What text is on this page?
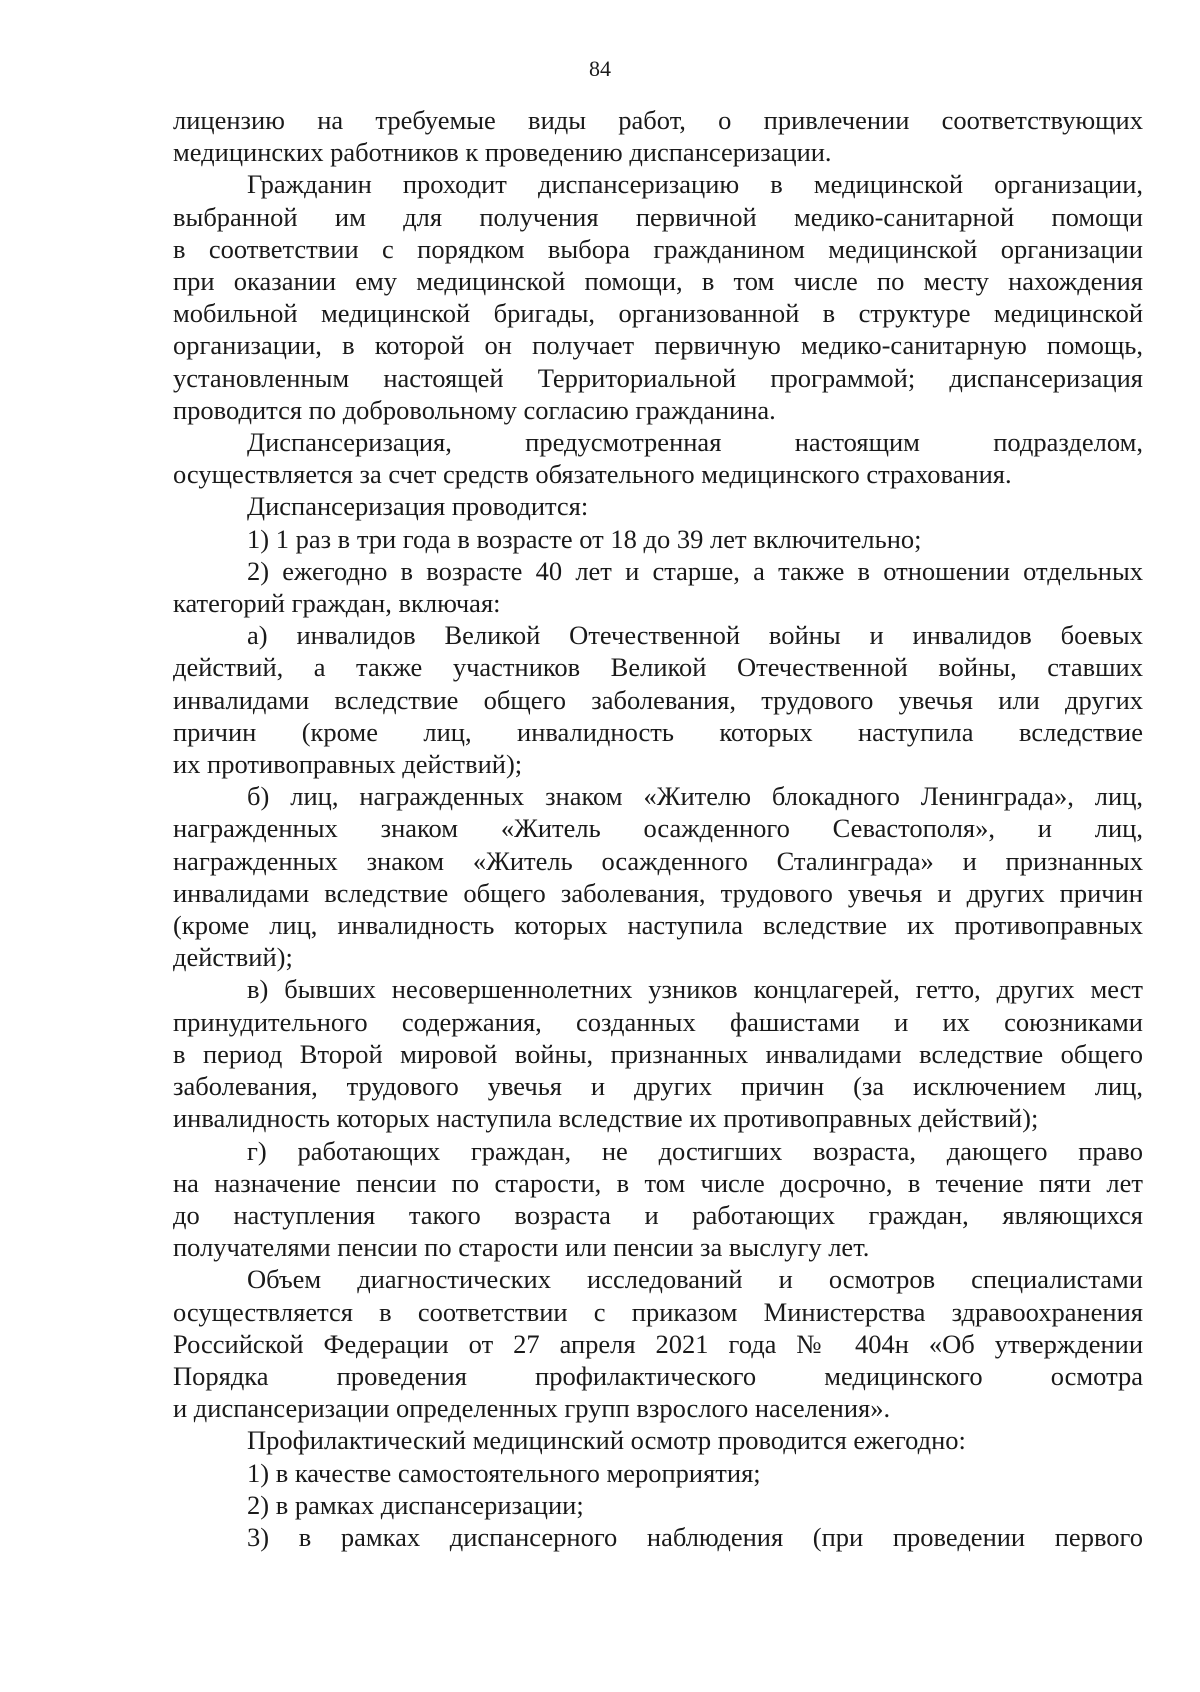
84
лицензию на требуемые виды работ, о привлечении соответствующих
медицинских работников к проведению диспансеризации.
Гражданин проходит диспансеризацию в медицинской организации,
выбранной им для получения первичной медико-санитарной помощи
в соответствии с порядком выбора гражданином медицинской организации
при оказании ему медицинской помощи, в том числе по месту нахождения
мобильной медицинской бригады, организованной в структуре медицинской
организации, в которой он получает первичную медико-санитарную помощь,
установленным настоящей Территориальной программой; диспансеризация
проводится по добровольному согласию гражданина.
Диспансеризация, предусмотренная настоящим подразделом,
осуществляется за счет средств обязательного медицинского страхования.
Диспансеризация проводится:
1) 1 раз в три года в возрасте от 18 до 39 лет включительно;
2) ежегодно в возрасте 40 лет и старше, а также в отношении отдельных
категорий граждан, включая:
а) инвалидов Великой Отечественной войны и инвалидов боевых
действий, а также участников Великой Отечественной войны, ставших
инвалидами вследствие общего заболевания, трудового увечья или других
причин (кроме лиц, инвалидность которых наступила вследствие
их противоправных действий);
б) лиц, награжденных знаком «Жителю блокадного Ленинграда», лиц,
награжденных знаком «Житель осажденного Севастополя», и лиц,
награжденных знаком «Житель осажденного Сталинграда» и признанных
инвалидами вследствие общего заболевания, трудового увечья и других причин
(кроме лиц, инвалидность которых наступила вследствие их противоправных
действий);
в) бывших несовершеннолетних узников концлагерей, гетто, других мест
принудительного содержания, созданных фашистами и их союзниками
в период Второй мировой войны, признанных инвалидами вследствие общего
заболевания, трудового увечья и других причин (за исключением лиц,
инвалидность которых наступила вследствие их противоправных действий);
г) работающих граждан, не достигших возраста, дающего право
на назначение пенсии по старости, в том числе досрочно, в течение пяти лет
до наступления такого возраста и работающих граждан, являющихся
получателями пенсии по старости или пенсии за выслугу лет.
Объем диагностических исследований и осмотров специалистами
осуществляется в соответствии с приказом Министерства здравоохранения
Российской Федерации от 27 апреля 2021 года № 404н «Об утверждении
Порядка проведения профилактического медицинского осмотра
и диспансеризации определенных групп взрослого населения».
Профилактический медицинский осмотр проводится ежегодно:
1) в качестве самостоятельного мероприятия;
2) в рамках диспансеризации;
3) в рамках диспансерного наблюдения (при проведении первого
